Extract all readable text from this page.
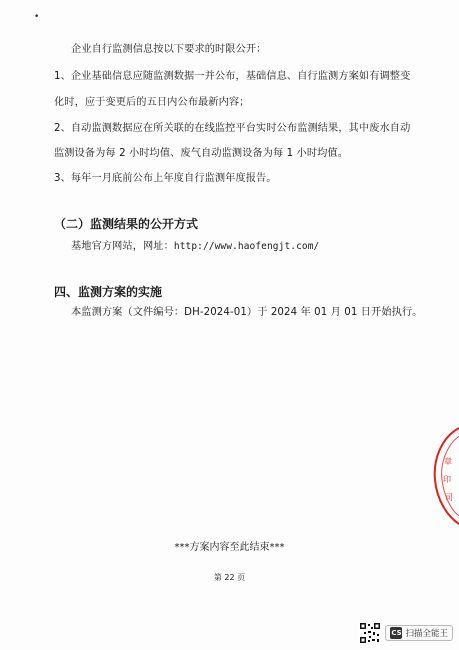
•
企业自行监测信息按以下要求的时限公开：
1、企业基础信息应随监测数据一并公布，基础信息、自行监测方案如有调整变
化时，应于变更后的五日内公布最新内容；
2、自动监测数据应在所关联的在线监控平台实时公布监测结果，其中废水自动
监测设备为每 2 小时均值、废气自动监测设备为每 1 小时均值。
3、每年一月底前公布上年度自行监测年度报告。
（二）监测结果的公开方式
基地官方网站，网址：http://www.haofengjt.com/
四、监测方案的实施
本监测方案（文件编号：DH-2024-01）于 2024 年 01 月 01 日开始执行。
***方案内容至此结束***
第 22 页
章
印
司
CS 扫描全能王
